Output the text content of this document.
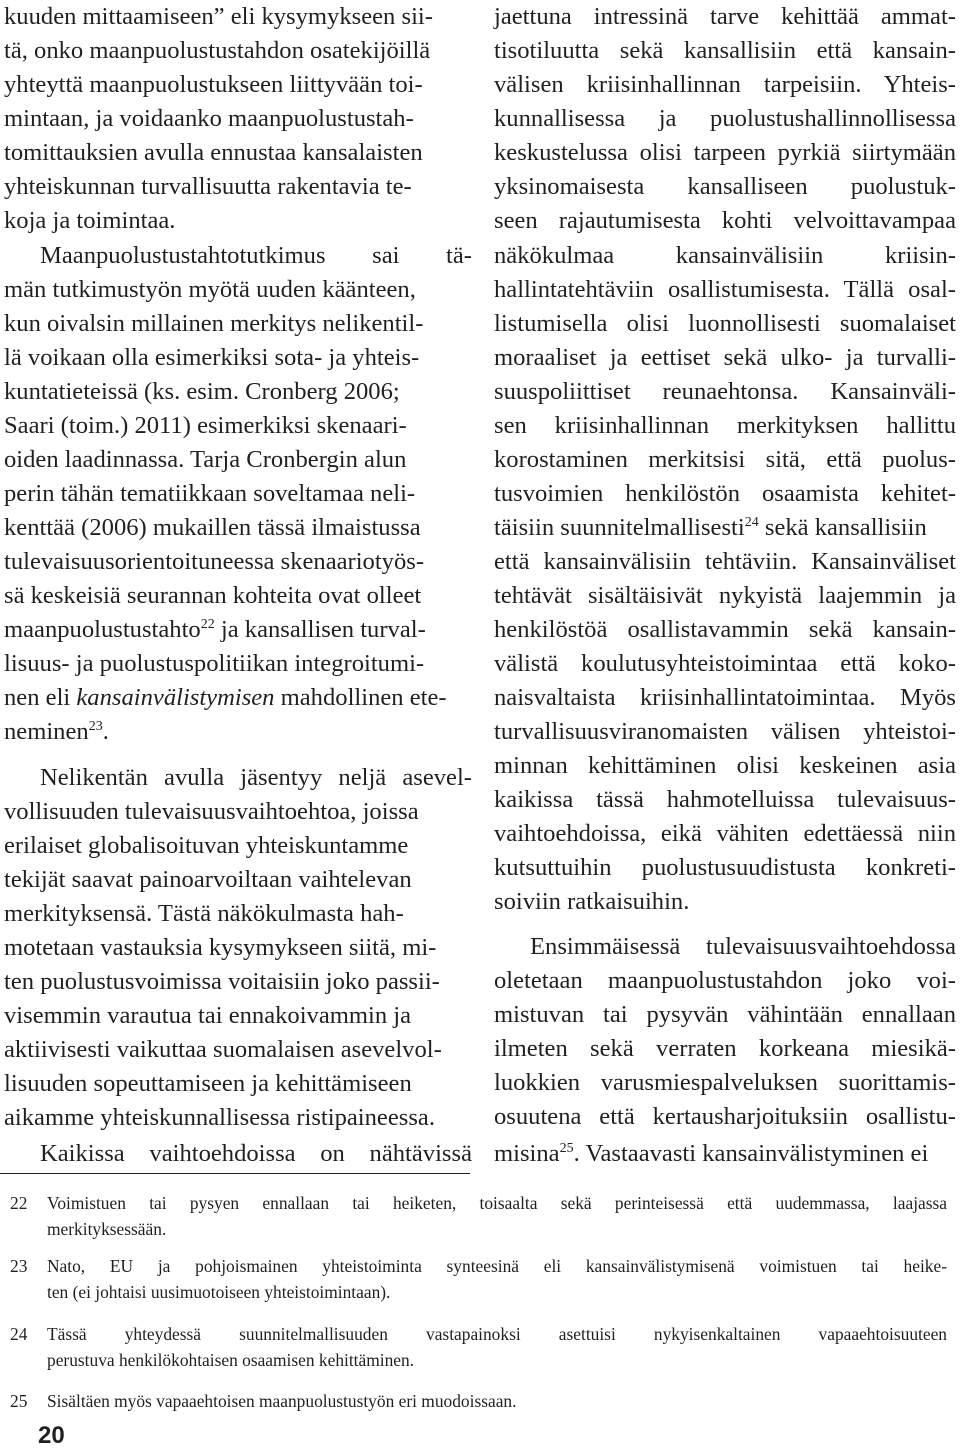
kuuden mittaamiseen” eli kysymykseen sii-
tä, onko maanpuolustustahdon osatekijöillä
yhteyttä maanpuolustukseen liittyvään toi-
mintaan, ja voidaanko maanpuolustustah-
tomittauksien avulla ennustaa kansalaisten
yhteiskunnan turvallisuutta rakentavia te-
koja ja toimintaa.
Maanpuolustustahtotutkimus sai tä-
män tutkimustyön myötä uuden käänteen,
kun oivalsin millainen merkitys nelikentil-
lä voikaan olla esimerkiksi sota- ja yhteis-
kuntatieteissä (ks. esim. Cronberg 2006;
Saari (toim.) 2011) esimerkiksi skenaari-
oiden laadinnassa. Tarja Cronbergin alun
perin tähän tematiikkaan soveltamaa neli-
kenttää (2006) mukaillen tässä ilmaistussa
tulevaisuusorientoituneessa skenaariotyös-
sä keskeisiä seurannan kohteita ovat olleet
maanpuolustustahto$^{22}$ ja kansallisen turval-
lisuus- ja puolustuspolitiikan integroitumi-
nen eli kansainvälistymisen mahdollinen ete-
neminen$^{23}$.
Nelikentän avulla jäsentyy neljä asevel-
vollisuuden tulevaisuusvaihtoehtoa, joissa
erilaiset globalisoituvan yhteiskuntamme
tekijät saavat painoarvoiltaan vaihtelevan
merkityksensä. Tästä näkökulmasta hah-
motetaan vastauksia kysymykseen siitä, mi-
ten puolustusvoimissa voitaisiin joko passii-
visemmin varautua tai ennakoivammin ja
aktiivisesti vaikuttaa suomalaisen asevelvol-
lisuuden sopeuttamiseen ja kehittämiseen
aikamme yhteiskunnallisessa ristipaineessa.
Kaikissa vaihtoehdoissa on nähtävissä
jaettuna intressinä tarve kehittää ammat-
tisotiluutta sekä kansallisiin että kansain-
välisen kriisinhallinnan tarpeisiin. Yhteis-
kunnallisessa ja puolustushallinnollisessa
keskustelussa olisi tarpeen pyrkiä siirtymään
yksinomaisesta kansalliseen puolustuk-
seen rajautumisesta kohti velvoittavampaa
näkökulmaa kansainvälisiin kriisin-
hallintatehtäviin osallistumisesta. Tällä osal-
listumisella olisi luonnollisesti suomalaiset
moraaliset ja eettiset sekä ulko- ja turvalli-
suuspoliittiset reunaehtonsa. Kansainväli-
sen kriisinhallinnan merkityksen hallittu
korostaminen merkitsisi sitä, että puolus-
tusvoimien henkilöstön osaamista kehitet-
täisiin suunnitelmallisesti$^{24}$ sekä kansallisiin
että kansainvälisiin tehtäviin. Kansainväliset
tehtävät sisältäisivät nykyistä laajemmin ja
henkilöstöä osallistavammin sekä kansain-
välistä koulutusyhteistoimintaa että koko-
naisvaltaista kriisinhallintatoimintaa. Myös
turvallisuusviranomaisten välisen yhteistoi-
minnan kehittäminen olisi keskeinen asia
kaikissa tässä hahmotelluissa tulevaisuus-
vaihtoehdoissa, eikä vähiten edettäessä niin
kutsuttuihin puolustusuudistusta konkreti-
soiviin ratkaisuihin.
Ensimmäisessä tulevaisuusvaihtoehdossa
oletetaan maanpuolustustahdon joko voi-
mistuvan tai pysyvän vähintään ennallaan
ilmeten sekä verraten korkeana miesikä-
luokkien varusmiespalveluksen suorittamis-
osuutena että kertausharjoituksiin osallistu-
misina$^{25}$. Vastaavasti kansainvälistyminen ei
22 Voimistuen tai pysyen ennallaan tai heiketen, toisaalta sekä perinteisessä että uudemmassa, laajassa
merkityksessään.
23 Nato, EU ja pohjoismainen yhteistoiminta synteesinä eli kansainvälistymisenä voimistuen tai heike-
ten (ei johtaisi uusimuotoiseen yhteistoimintaan).
24 Tässä yhteydessä suunnitelmallisuuden vastapainoksi asettuisi nykyisenkaltainen vapaaehtoisuuteen
perustuva henkilökohtaisen osaamisen kehittäminen.
25 Sisältäen myös vapaaehtoisen maanpuolustustyön eri muodoissaan.
20
